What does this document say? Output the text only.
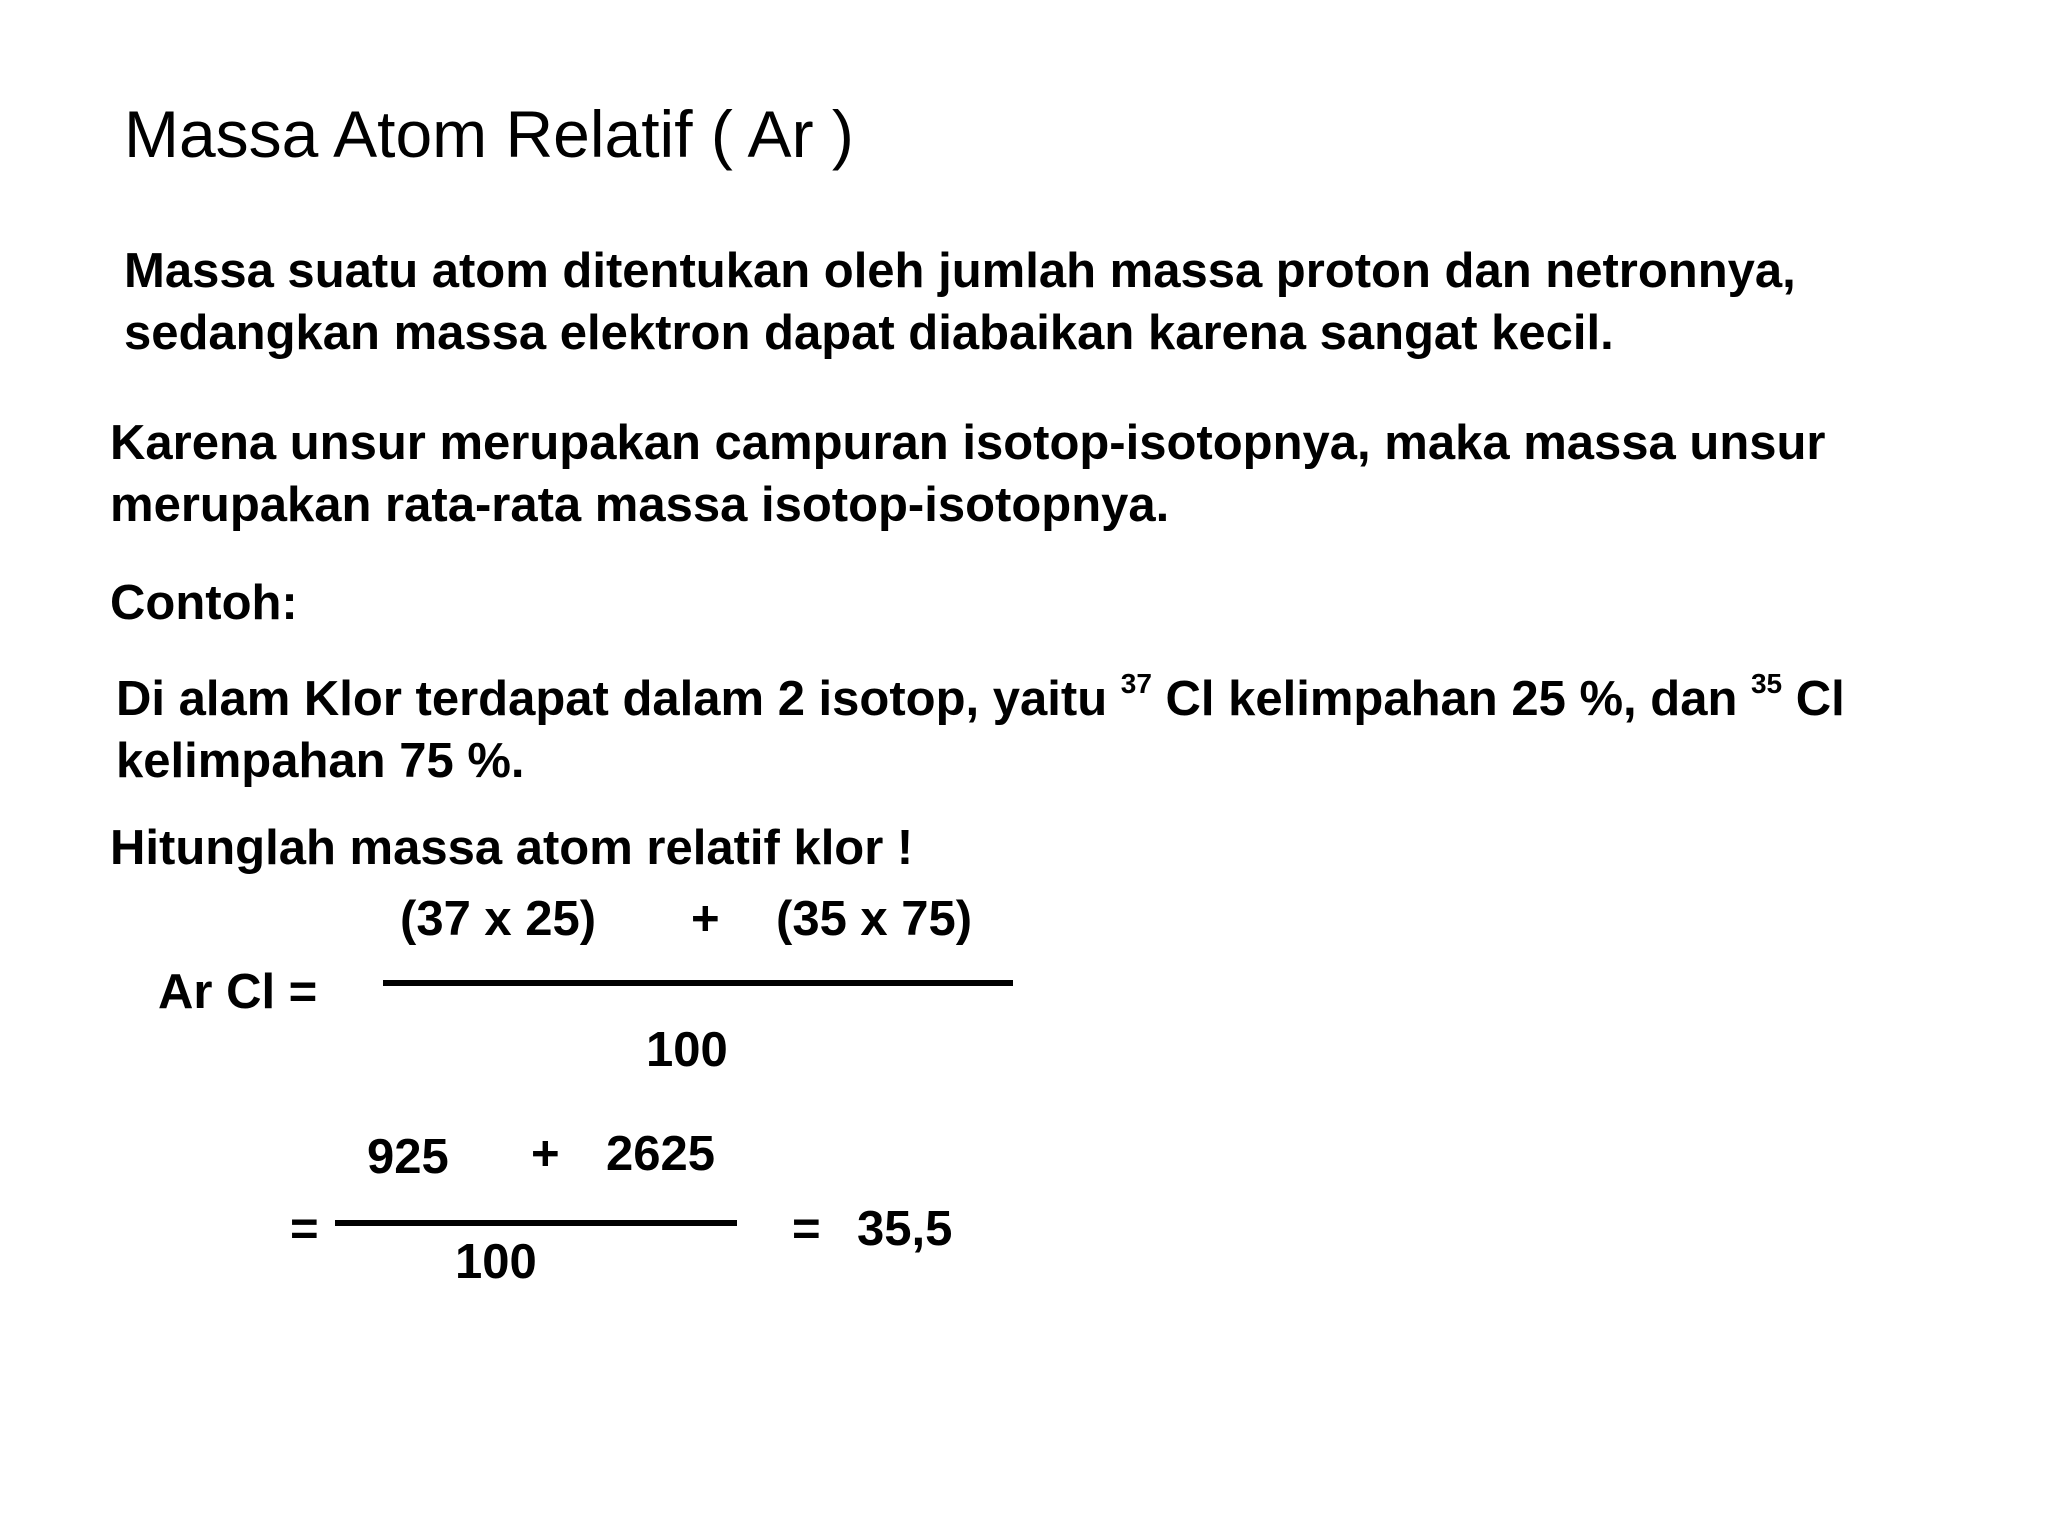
Massa Atom Relatif ( Ar )
Massa suatu atom ditentukan oleh jumlah massa proton dan netronnya,
sedangkan massa elektron dapat diabaikan karena sangat kecil.
Karena unsur merupakan campuran isotop-isotopnya, maka massa unsur
merupakan rata-rata massa isotop-isotopnya.
Contoh:
Di alam Klor terdapat dalam 2 isotop, yaitu $^{37}$ Cl kelimpahan 25 %, dan $^{35}$ Cl
kelimpahan 75 %.
Hitunglah massa atom relatif klor !
Ar Cl =
(37 x 25) + (35 x 75)
100
=
925 + 2625
100
= 35,5
